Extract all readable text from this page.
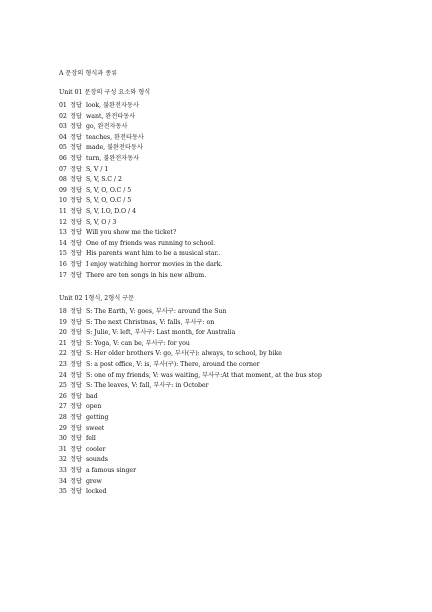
A 문장의 형식과 종류
Unit 01 문장의 구성 요소와 형식
01 정답 look, 불완전자동사
02 정답 want, 완전타동사
03 정답 go, 완전자동사
04 정답 teaches, 완전타동사
05 정답 made, 불완전타동사
06 정답 turn, 불완전자동사
07 정답 S, V / 1
08 정답 S, V, S.C / 2
09 정답 S, V, O, O.C / 5
10 정답 S, V, O, O.C / 5
11 정답 S, V, I.O, D.O / 4
12 정답 S, V, O / 3
13 정답 Will you show me the ticket?
14 정답 One of my friends was running to school.
15 정답 His parents want him to be a musical star..
16 정답 I enjoy watching horror movies in the dark.
17 정답 There are ten songs in his new album.
Unit 02 1형식, 2형식 구문
18 정답 S: The Earth, V: goes, 부사구: around the Sun
19 정답 S: The next Christmas, V: falls, 부사구: on
20 정답 S: Julie, V: left, 부사구: Last month, for Australia
21 정답 S: Yoga, V: can be, 부사구: for you
22 정답 S: Her older brothers V: go, 부사(구): always, to school, by bike
23 정답 S: a post office, V: is, 부사(구): There, around the corner
24 정답 S: one of my friends, V: was waiting, 부사구:At that moment, at the bus stop
25 정답 S: The leaves, V: fall, 부사구: in October
26 정답 bad
27 정답 open
28 정답 getting
29 정답 sweet
30 정답 fell
31 정답 cooler
32 정답 sounds
33 정답 a famous singer
34 정답 grew
35 정답 locked
